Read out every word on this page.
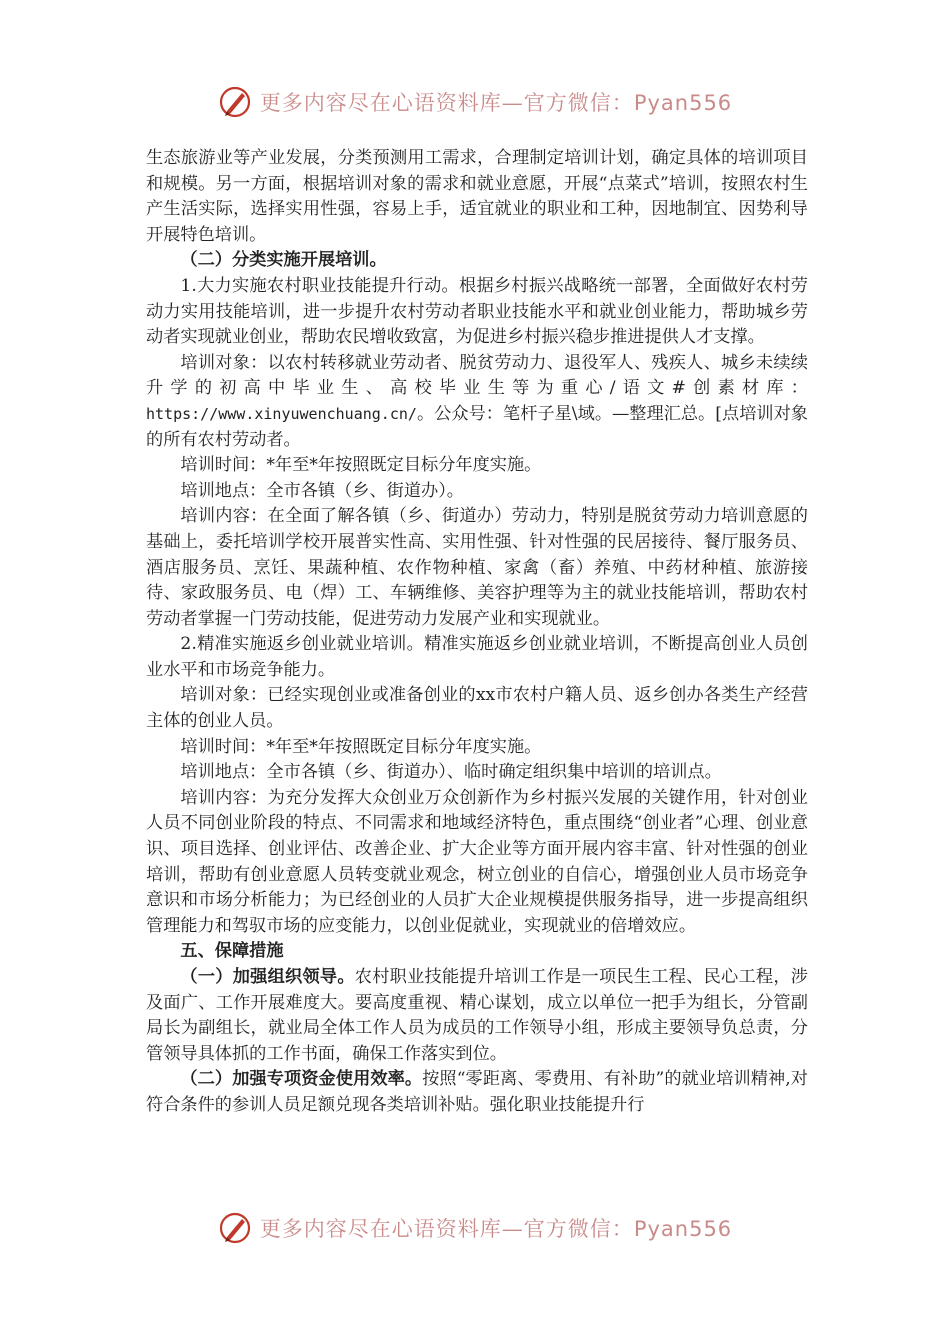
更多内容尽在心语资料库—官方微信：Pyan556

生态旅游业等产业发展，分类预测用工需求，合理制定培训计划，确定具体的培训项目和规模。另一方面，根据培训对象的需求和就业意愿，开展“点菜式”培训，按照农村生产生活实际，选择实用性强，容易上手，适宜就业的职业和工种，因地制宜、因势利导开展特色培训。

（二）分类实施开展培训。

1.大力实施农村职业技能提升行动。根据乡村振兴战略统一部署，全面做好农村劳动力实用技能培训，进一步提升农村劳动者职业技能水平和就业创业能力，帮助城乡劳动者实现就业创业，帮助农民增收致富，为促进乡村振兴稳步推进提供人才支撑。

培训对象：以农村转移就业劳动者、脱贫劳动力、退役军人、残疾人、城乡未续续升学的初高中毕业生、高校毕业生等为重心/语文#创素材库：https://www.xinyuwenchuang.cn/。公众号：笔杆子星\域。—整理汇总。[点培训对象的所有农村劳动者。

培训时间：*年至*年按照既定目标分年度实施。

培训地点：全市各镇（乡、街道办）。

培训内容：在全面了解各镇（乡、街道办）劳动力，特别是脱贫劳动力培训意愿的基础上，委托培训学校开展普实性高、实用性强、针对性强的民居接待、餐厅服务员、酒店服务员、烹饪、果蔬种植、农作物种植、家禽（畜）养殖、中药材种植、旅游接待、家政服务员、电（焊）工、车辆维修、美容护理等为主的就业技能培训，帮助农村劳动者掌握一门劳动技能，促进劳动力发展产业和实现就业。

2.精准实施返乡创业就业培训。精准实施返乡创业就业培训，不断提高创业人员创业水平和市场竞争能力。

培训对象：已经实现创业或准备创业的xx市农村户籍人员、返乡创办各类生产经营主体的创业人员。

培训时间：*年至*年按照既定目标分年度实施。

培训地点：全市各镇（乡、街道办）、临时确定组织集中培训的培训点。

培训内容：为充分发挥大众创业万众创新作为乡村振兴发展的关键作用，针对创业人员不同创业阶段的特点、不同需求和地域经济特色，重点围绕“创业者”心理、创业意识、项目选择、创业评估、改善企业、扩大企业等方面开展内容丰富、针对性强的创业培训，帮助有创业意愿人员转变就业观念，树立创业的自信心，增强创业人员市场竞争意识和市场分析能力；为已经创业的人员扩大企业规模提供服务指导，进一步提高组织管理能力和驾驭市场的应变能力，以创业促就业，实现就业的倍增效应。

五、保障措施

（一）加强组织领导。农村职业技能提升培训工作是一项民生工程、民心工程，涉及面广、工作开展难度大。要高度重视、精心谋划，成立以单位一把手为组长，分管副局长为副组长，就业局全体工作人员为成员的工作领导小组，形成主要领导负总责，分管领导具体抓的工作书面，确保工作落实到位。

（二）加强专项资金使用效率。按照“零距离、零费用、有补助”的就业培训精神,对符合条件的参训人员足额兑现各类培训补贴。强化职业技能提升行

更多内容尽在心语资料库—官方微信：Pyan556
